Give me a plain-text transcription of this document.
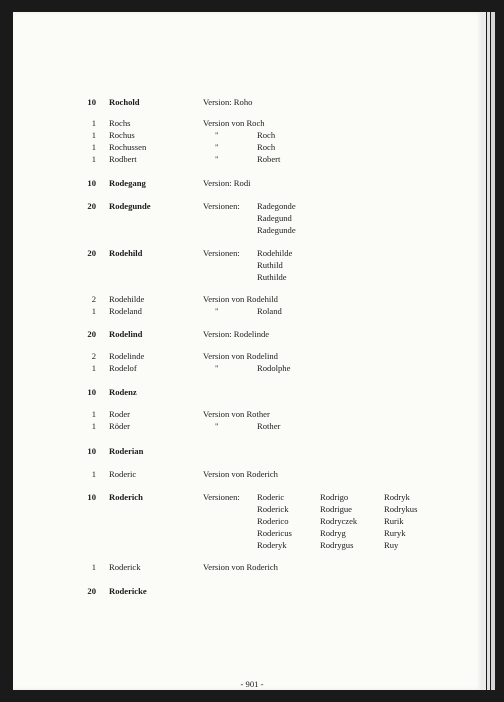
10 Rochold	Version: Roho
1 Rochs	Version von Roch
1 Rochus	"	Roch
1 Rochussen	"	Roch
1 Rodbert	"	Robert
10 Rodegang	Version: Rodi
20 Rodegunde	Versionen: Radegonde
Radegund
Radegunde
20 Rodehild	Versionen: Rodehilde
Ruthild
Ruthilde
2 Rodehilde	Version von Rodehild
1 Rodeland	"	Roland
20 Rodelind	Version: Rodelinde
2 Rodelinde	Version von Rodelind
1 Rodelof	"	Rodolphe
10 Rodenz
1 Roder	Version von Rother
1 Röder	"	Rother
10 Roderian
1 Roderic	Version von Roderich
10 Roderich	Versionen: Roderic	Rodrigo	Rodryk
Roderick	Rodrigue	Rodrykus
Roderico	Rodryczek	Rurik
Rodericus	Rodryg	Ruryk
Roderyk	Rodrygus	Ruy
1 Roderick	Version von Roderich
20 Rodericke
- 901 -
